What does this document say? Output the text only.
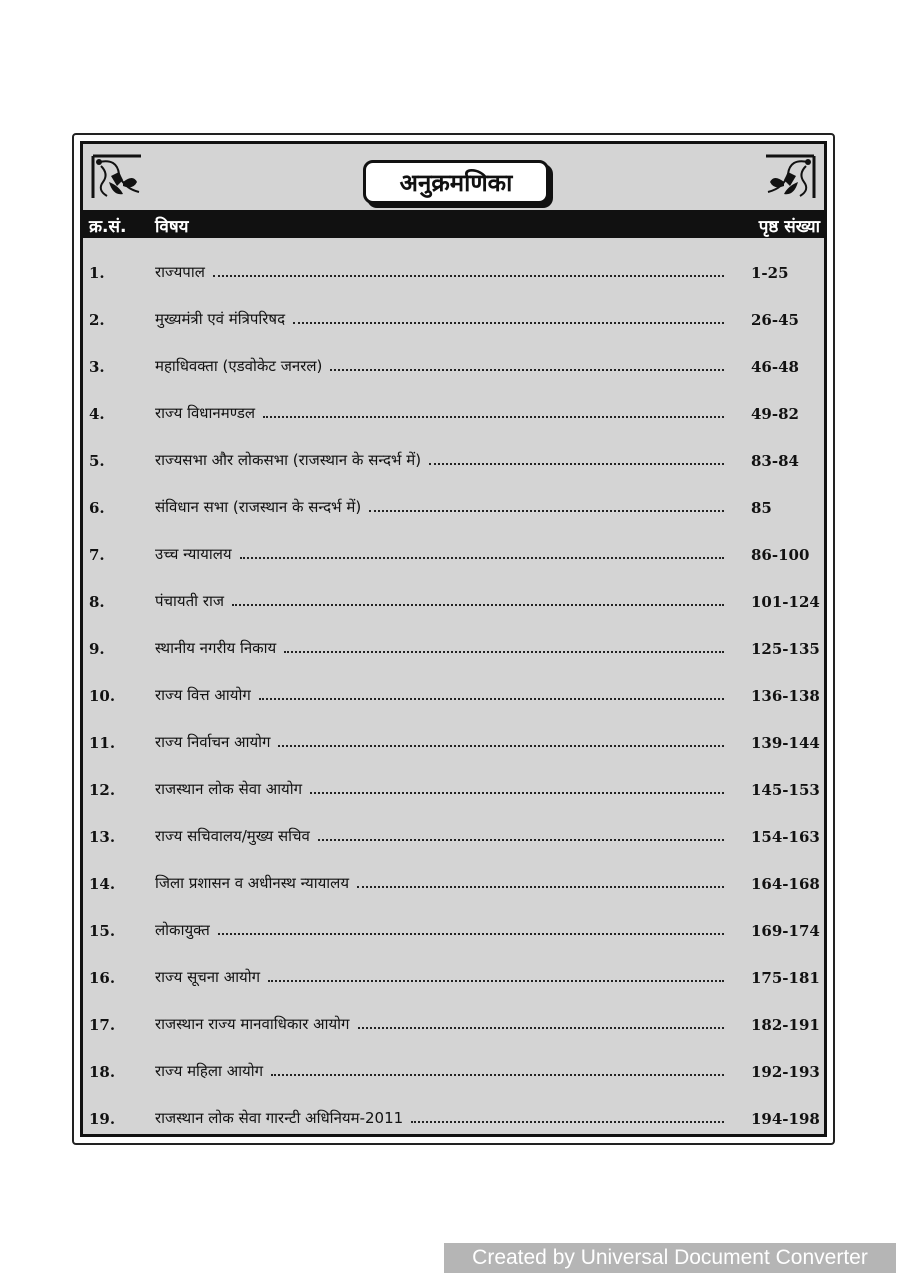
अनुक्रमणिका
क्र.सं. विषय	पृष्ठ संख्या
1.	राज्यपाल	1-25
2.	मुख्यमंत्री एवं मंत्रिपरिषद	26-45
3.	महाधिवक्ता (एडवोकेट जनरल)	46-48
4.	राज्य विधानमण्डल	49-82
5.	राज्यसभा और लोकसभा (राजस्थान के सन्दर्भ में)	83-84
6.	संविधान सभा (राजस्थान के सन्दर्भ में)	85
7.	उच्च न्यायालय	86-100
8.	पंचायती राज	101-124
9.	स्थानीय नगरीय निकाय	125-135
10.	राज्य वित्त आयोग	136-138
11.	राज्य निर्वाचन आयोग	139-144
12.	राजस्थान लोक सेवा आयोग	145-153
13.	राज्य सचिवालय/मुख्य सचिव	154-163
14.	जिला प्रशासन व अधीनस्थ न्यायालय	164-168
15.	लोकायुक्त	169-174
16.	राज्य सूचना आयोग	175-181
17.	राजस्थान राज्य मानवाधिकार आयोग	182-191
18.	राज्य महिला आयोग	192-193
19.	राजस्थान लोक सेवा गारन्टी अधिनियम-2011	194-198
Created by Universal Document Converter
